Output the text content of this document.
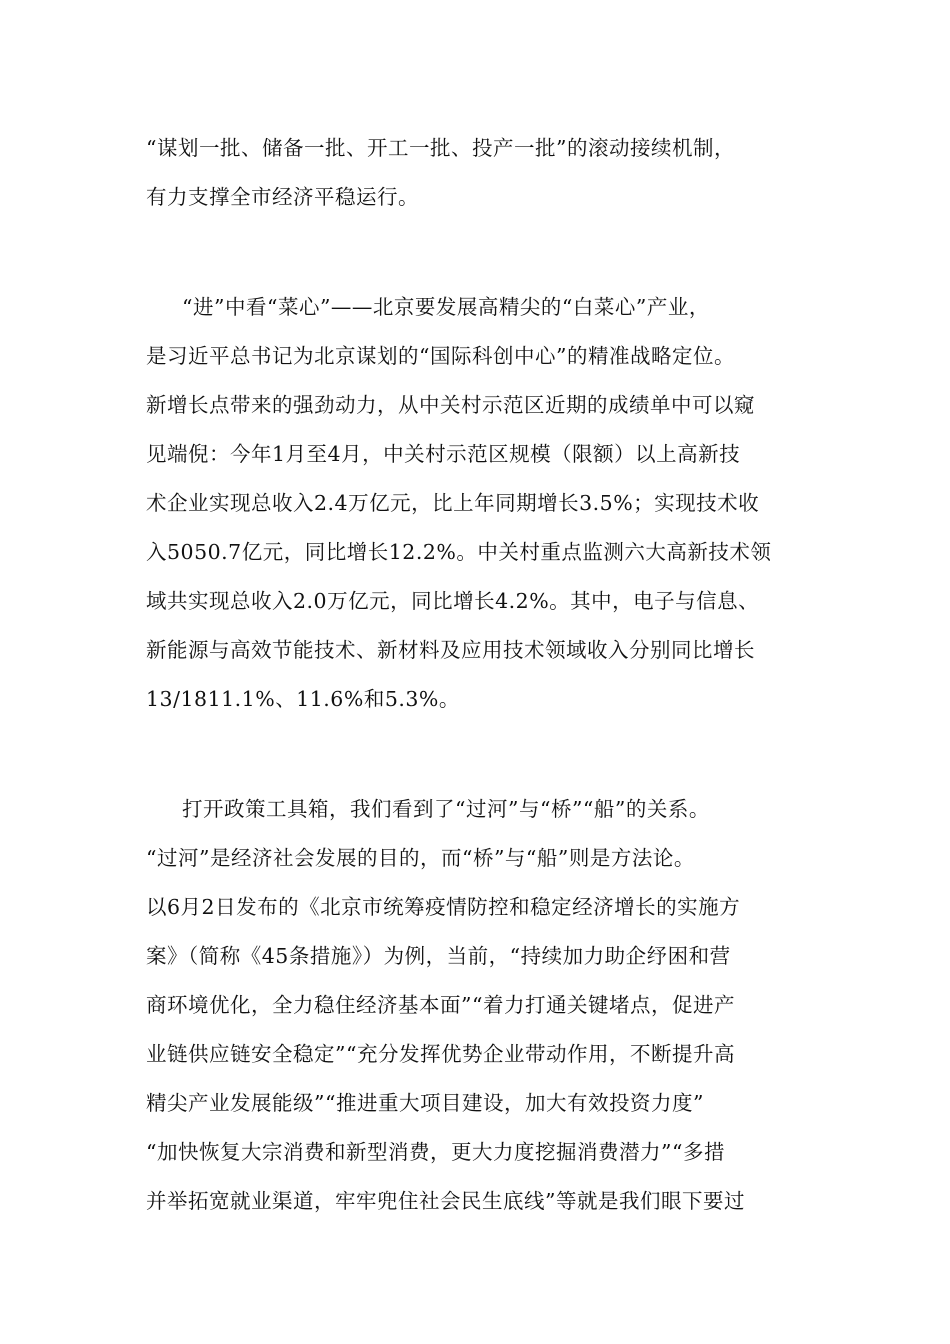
“谋划一批、储备一批、开工一批、投产一批”的滚动接续机制，
有力支撑全市经济平稳运行。
“进”中看“菜心”——北京要发展高精尖的“白菜心”产业，
是习近平总书记为北京谋划的“国际科创中心”的精准战略定位。
新增长点带来的强劲动力，从中关村示范区近期的成绩单中可以窥
见端倪：今年1月至4月，中关村示范区规模（限额）以上高新技
术企业实现总收入2.4万亿元，比上年同期增长3.5%；实现技术收
入5050.7亿元，同比增长12.2%。中关村重点监测六大高新技术领
域共实现总收入2.0万亿元，同比增长4.2%。其中，电子与信息、
新能源与高效节能技术、新材料及应用技术领域收入分别同比增长
13/1811.1%、11.6%和5.3%。
打开政策工具箱，我们看到了“过河”与“桥”“船”的关系。
“过河”是经济社会发展的目的，而“桥”与“船”则是方法论。
以6月2日发布的《北京市统筹疫情防控和稳定经济增长的实施方
案》（简称《45条措施》）为例，当前，“持续加力助企纾困和营
商环境优化，全力稳住经济基本面”“着力打通关键堵点，促进产
业链供应链安全稳定”“充分发挥优势企业带动作用，不断提升高
精尖产业发展能级”“推进重大项目建设，加大有效投资力度”
“加快恢复大宗消费和新型消费，更大力度挖掘消费潜力”“多措
并举拓宽就业渠道，牢牢兜住社会民生底线”等就是我们眼下要过
